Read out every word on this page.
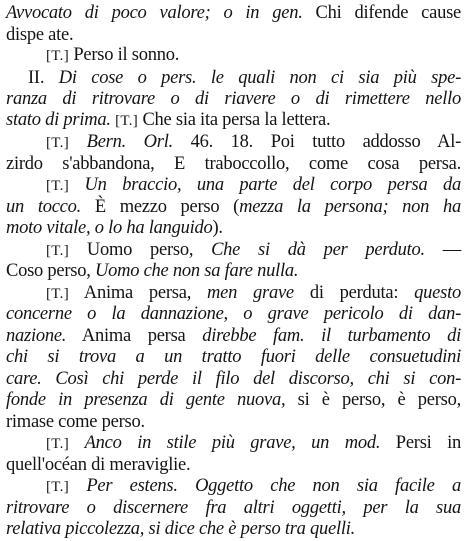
Avvocato di poco valore; o in gen. Chi difende cause
dispe ate.
[T.] Perso il sonno.
II. Di cose o pers. le quali non ci sia più spe-
ranza di ritrovare o di riavere o di rimettere nello
stato di prima. [T.] Che sia ita persa la lettera.
[T.] Bern. Orl. 46. 18. Poi tutto addosso Al-
zirdo s'abbandona, E traboccollo, come cosa persa.
[T.] Un braccio, una parte del corpo persa da
un tocco. È mezzo perso (mezza la persona; non ha
moto vitale, o lo ha languido).
[T.] Uomo perso, Che si dà per perduto. —
Coso perso, Uomo che non sa fare nulla.
[T.] Anima persa, men grave di perduta: questo
concerne o la dannazione, o grave pericolo di dan-
nazione. Anima persa direbbe fam. il turbamento di
chi si trova a un tratto fuori delle consuetudini
care. Così chi perde il filo del discorso, chi si con-
fonde in presenza di gente nuova, si è perso, è perso,
rimase come perso.
[T.] Anco in stile più grave, un mod. Persi in
quell'océan di meraviglie.
[T.] Per estens. Oggetto che non sia facile a
ritrovare o discernere fra altri oggetti, per la sua
relativa piccolezza, si dice che è perso tra quelli.
